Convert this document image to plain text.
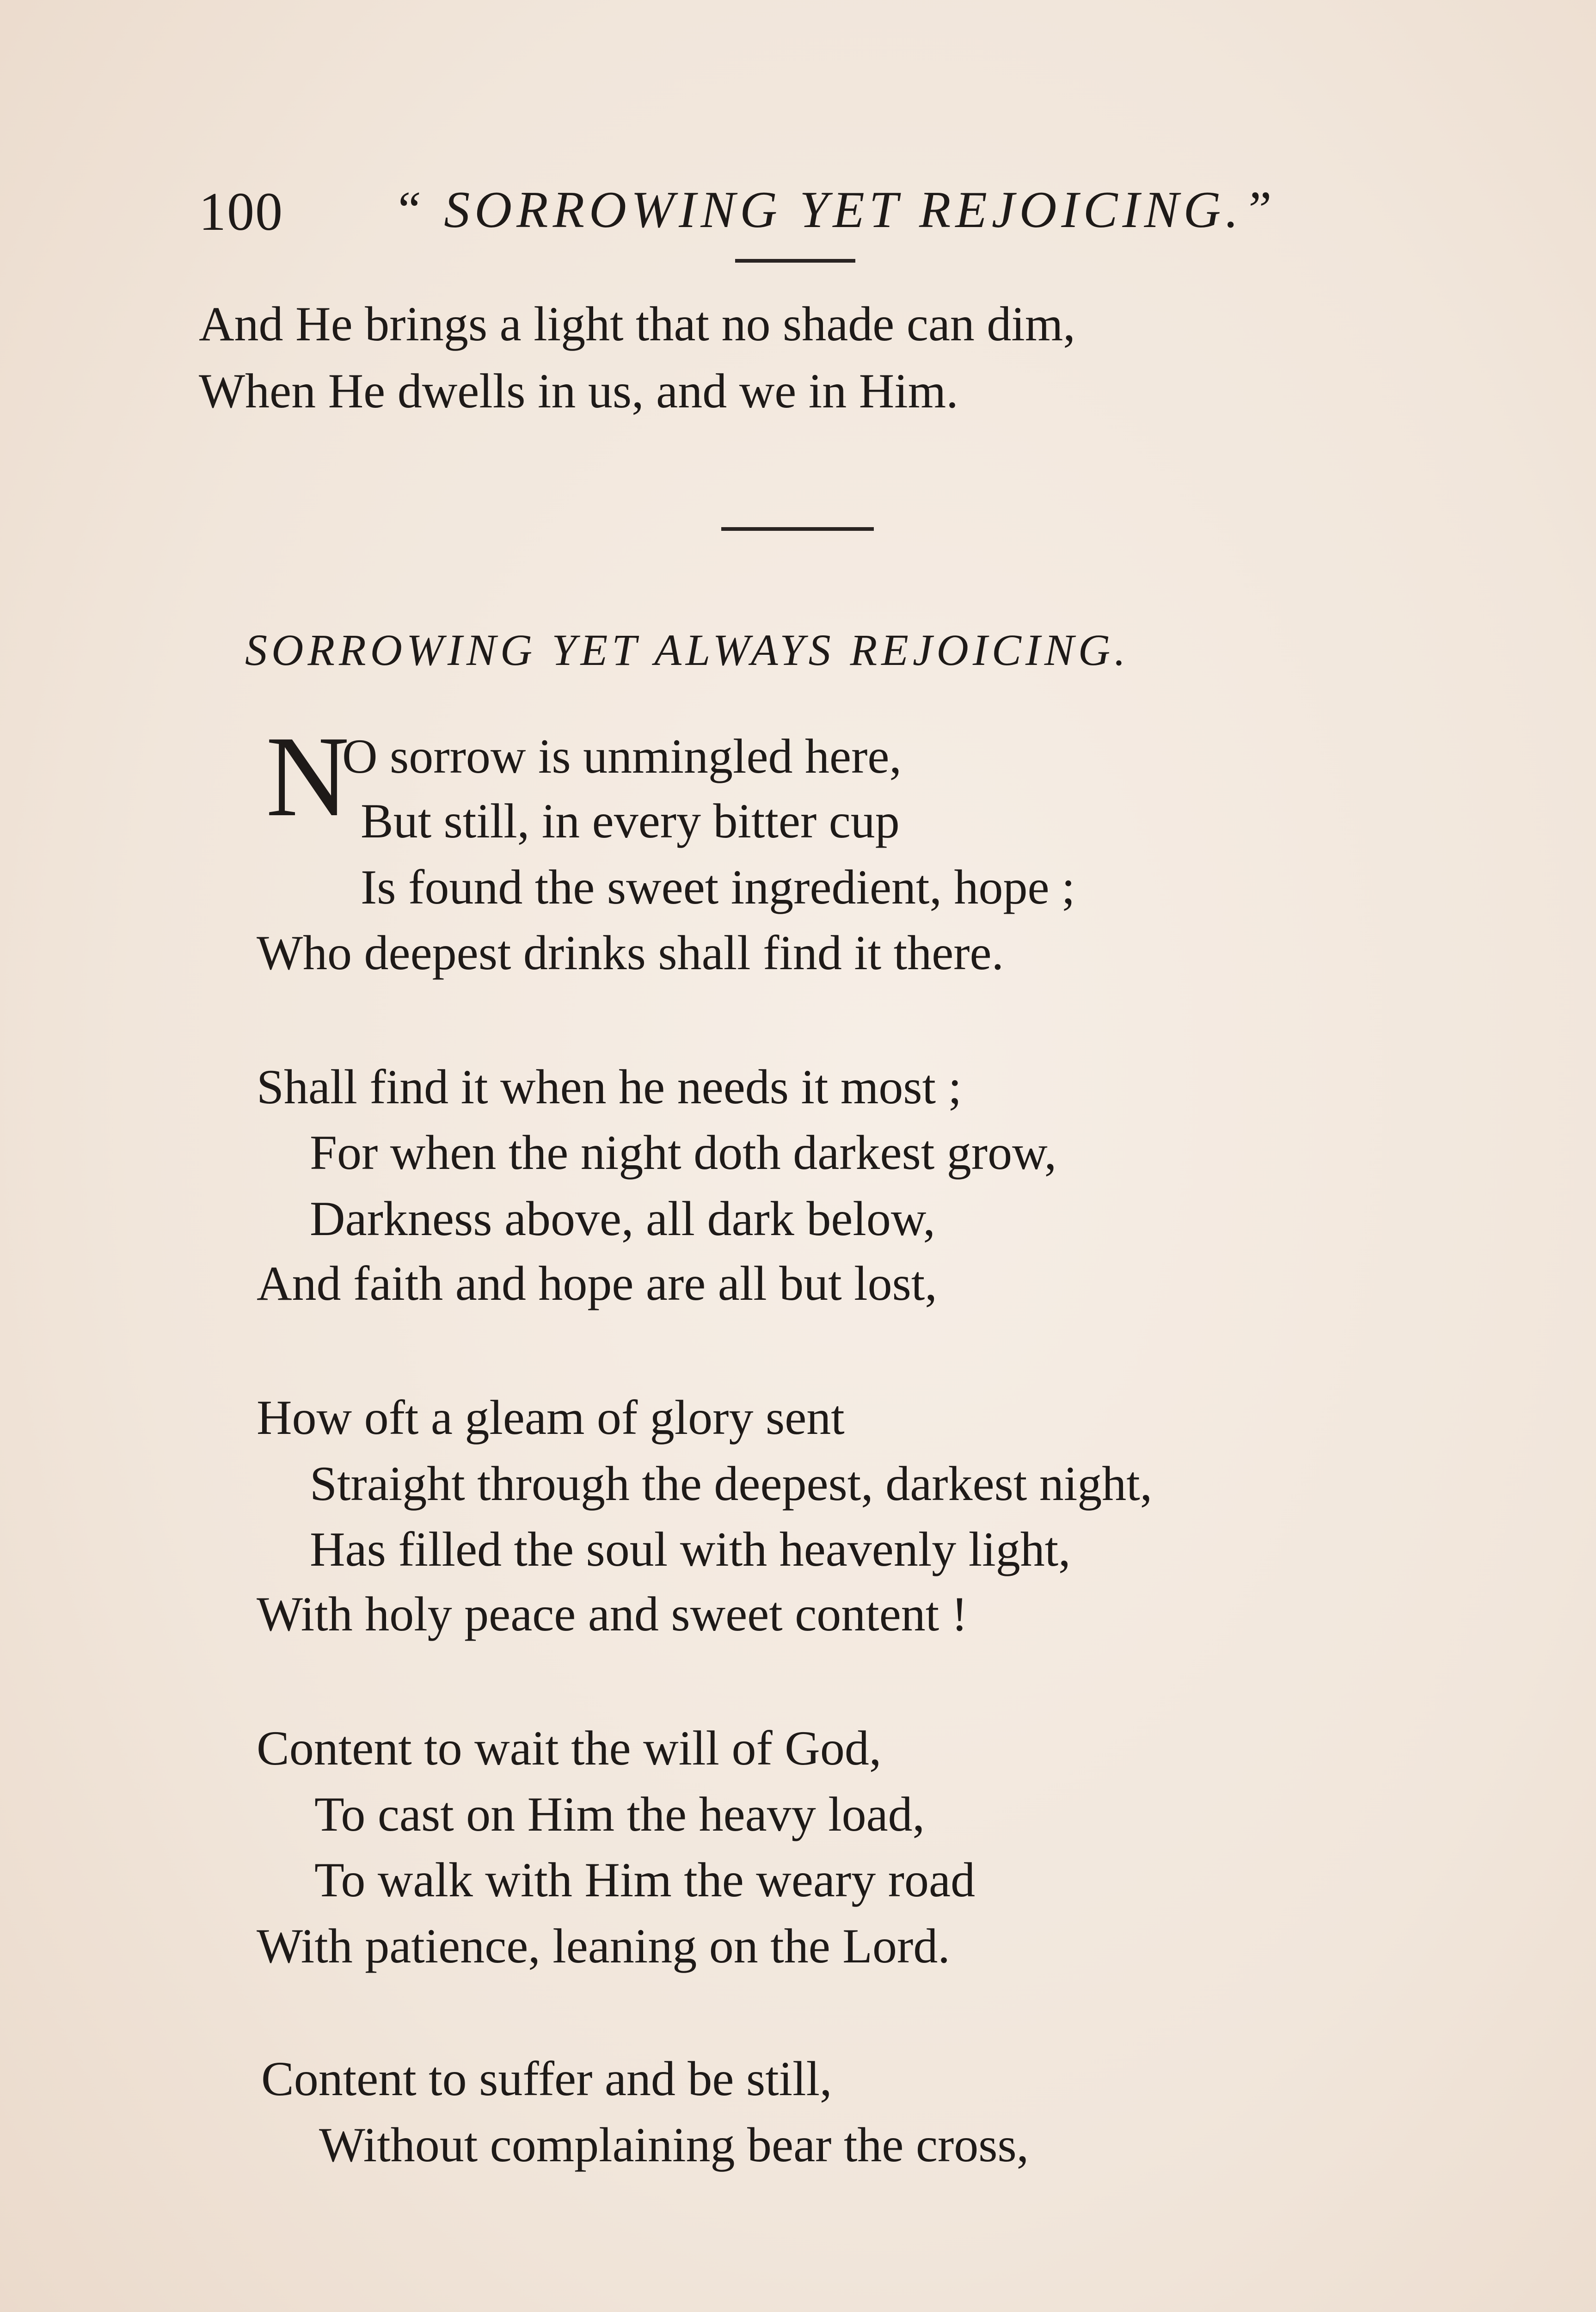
100 “ SORROWING YET REJOICING.”
And He brings a light that no shade can dim,
When He dwells in us, and we in Him.
SORROWING YET ALWAYS REJOICING.
N
O sorrow is unmingled here,
But still, in every bitter cup
Is found the sweet ingredient, hope ;
Who deepest drinks shall find it there.
Shall find it when he needs it most ;
For when the night doth darkest grow,
Darkness above, all dark below,
And faith and hope are all but lost,
How oft a gleam of glory sent
Straight through the deepest, darkest night,
Has filled the soul with heavenly light,
With holy peace and sweet content !
Content to wait the will of God,
To cast on Him the heavy load,
To walk with Him the weary road
With patience, leaning on the Lord.
Content to suffer and be still,
Without complaining bear the cross,
